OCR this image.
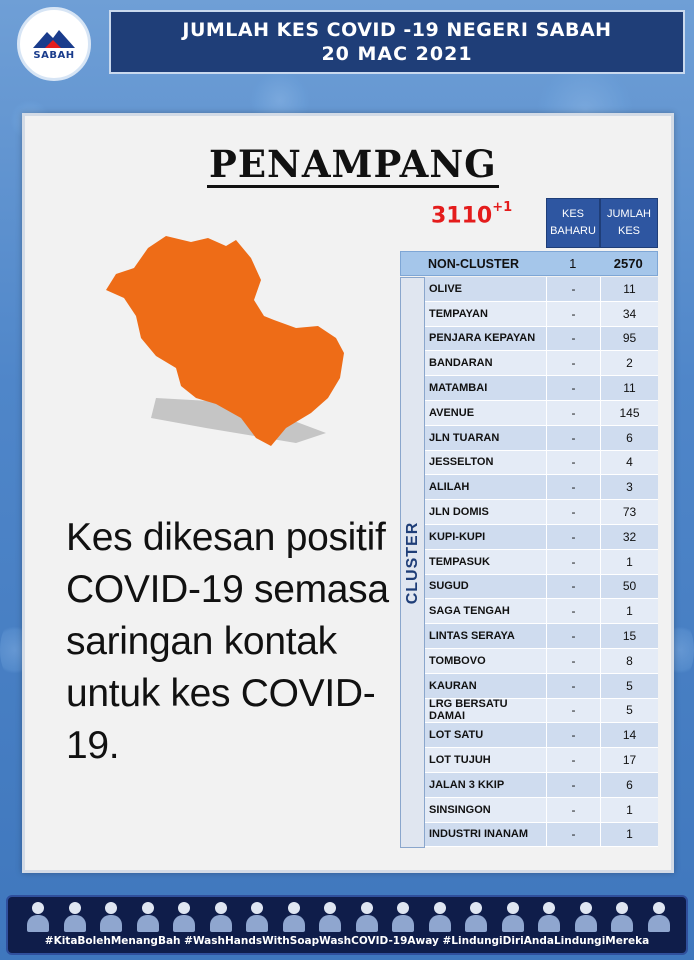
SABAH
JUMLAH KES COVID -19 NEGERI SABAH
20 MAC 2021
PENAMPANG
Kes dikesan positif COVID-19 semasa saringan kontak untuk kes COVID-19.
$3110^{+1}$	KES BAHARU
JUMLAH KES
NON-CLUSTER	1	2570
CLUSTER
OLIVE	-	11
TEMPAYAN	-	34
PENJARA KEPAYAN	-	95
BANDARAN	-	2
MATAMBAI	-	11
AVENUE	-	145
JLN TUARAN	-	6
JESSELTON	-	4
ALILAH	-	3
JLN DOMIS	-	73
KUPI-KUPI	-	32
TEMPASUK	-	1
SUGUD	-	50
SAGA TENGAH	-	1
LINTAS SERAYA	-	15
TOMBOVO	-	8
KAURAN	-	5
LRG BERSATU DAMAI	-	5
LOT SATU	-	14
LOT TUJUH	-	17
JALAN 3 KKIP	-	6
SINSINGON	-	1
INDUSTRI INANAM	-	1
#KitaBolehMenangBah #WashHandsWithSoapWashCOVID-19Away #LindungiDiriAndaLindungiMereka
